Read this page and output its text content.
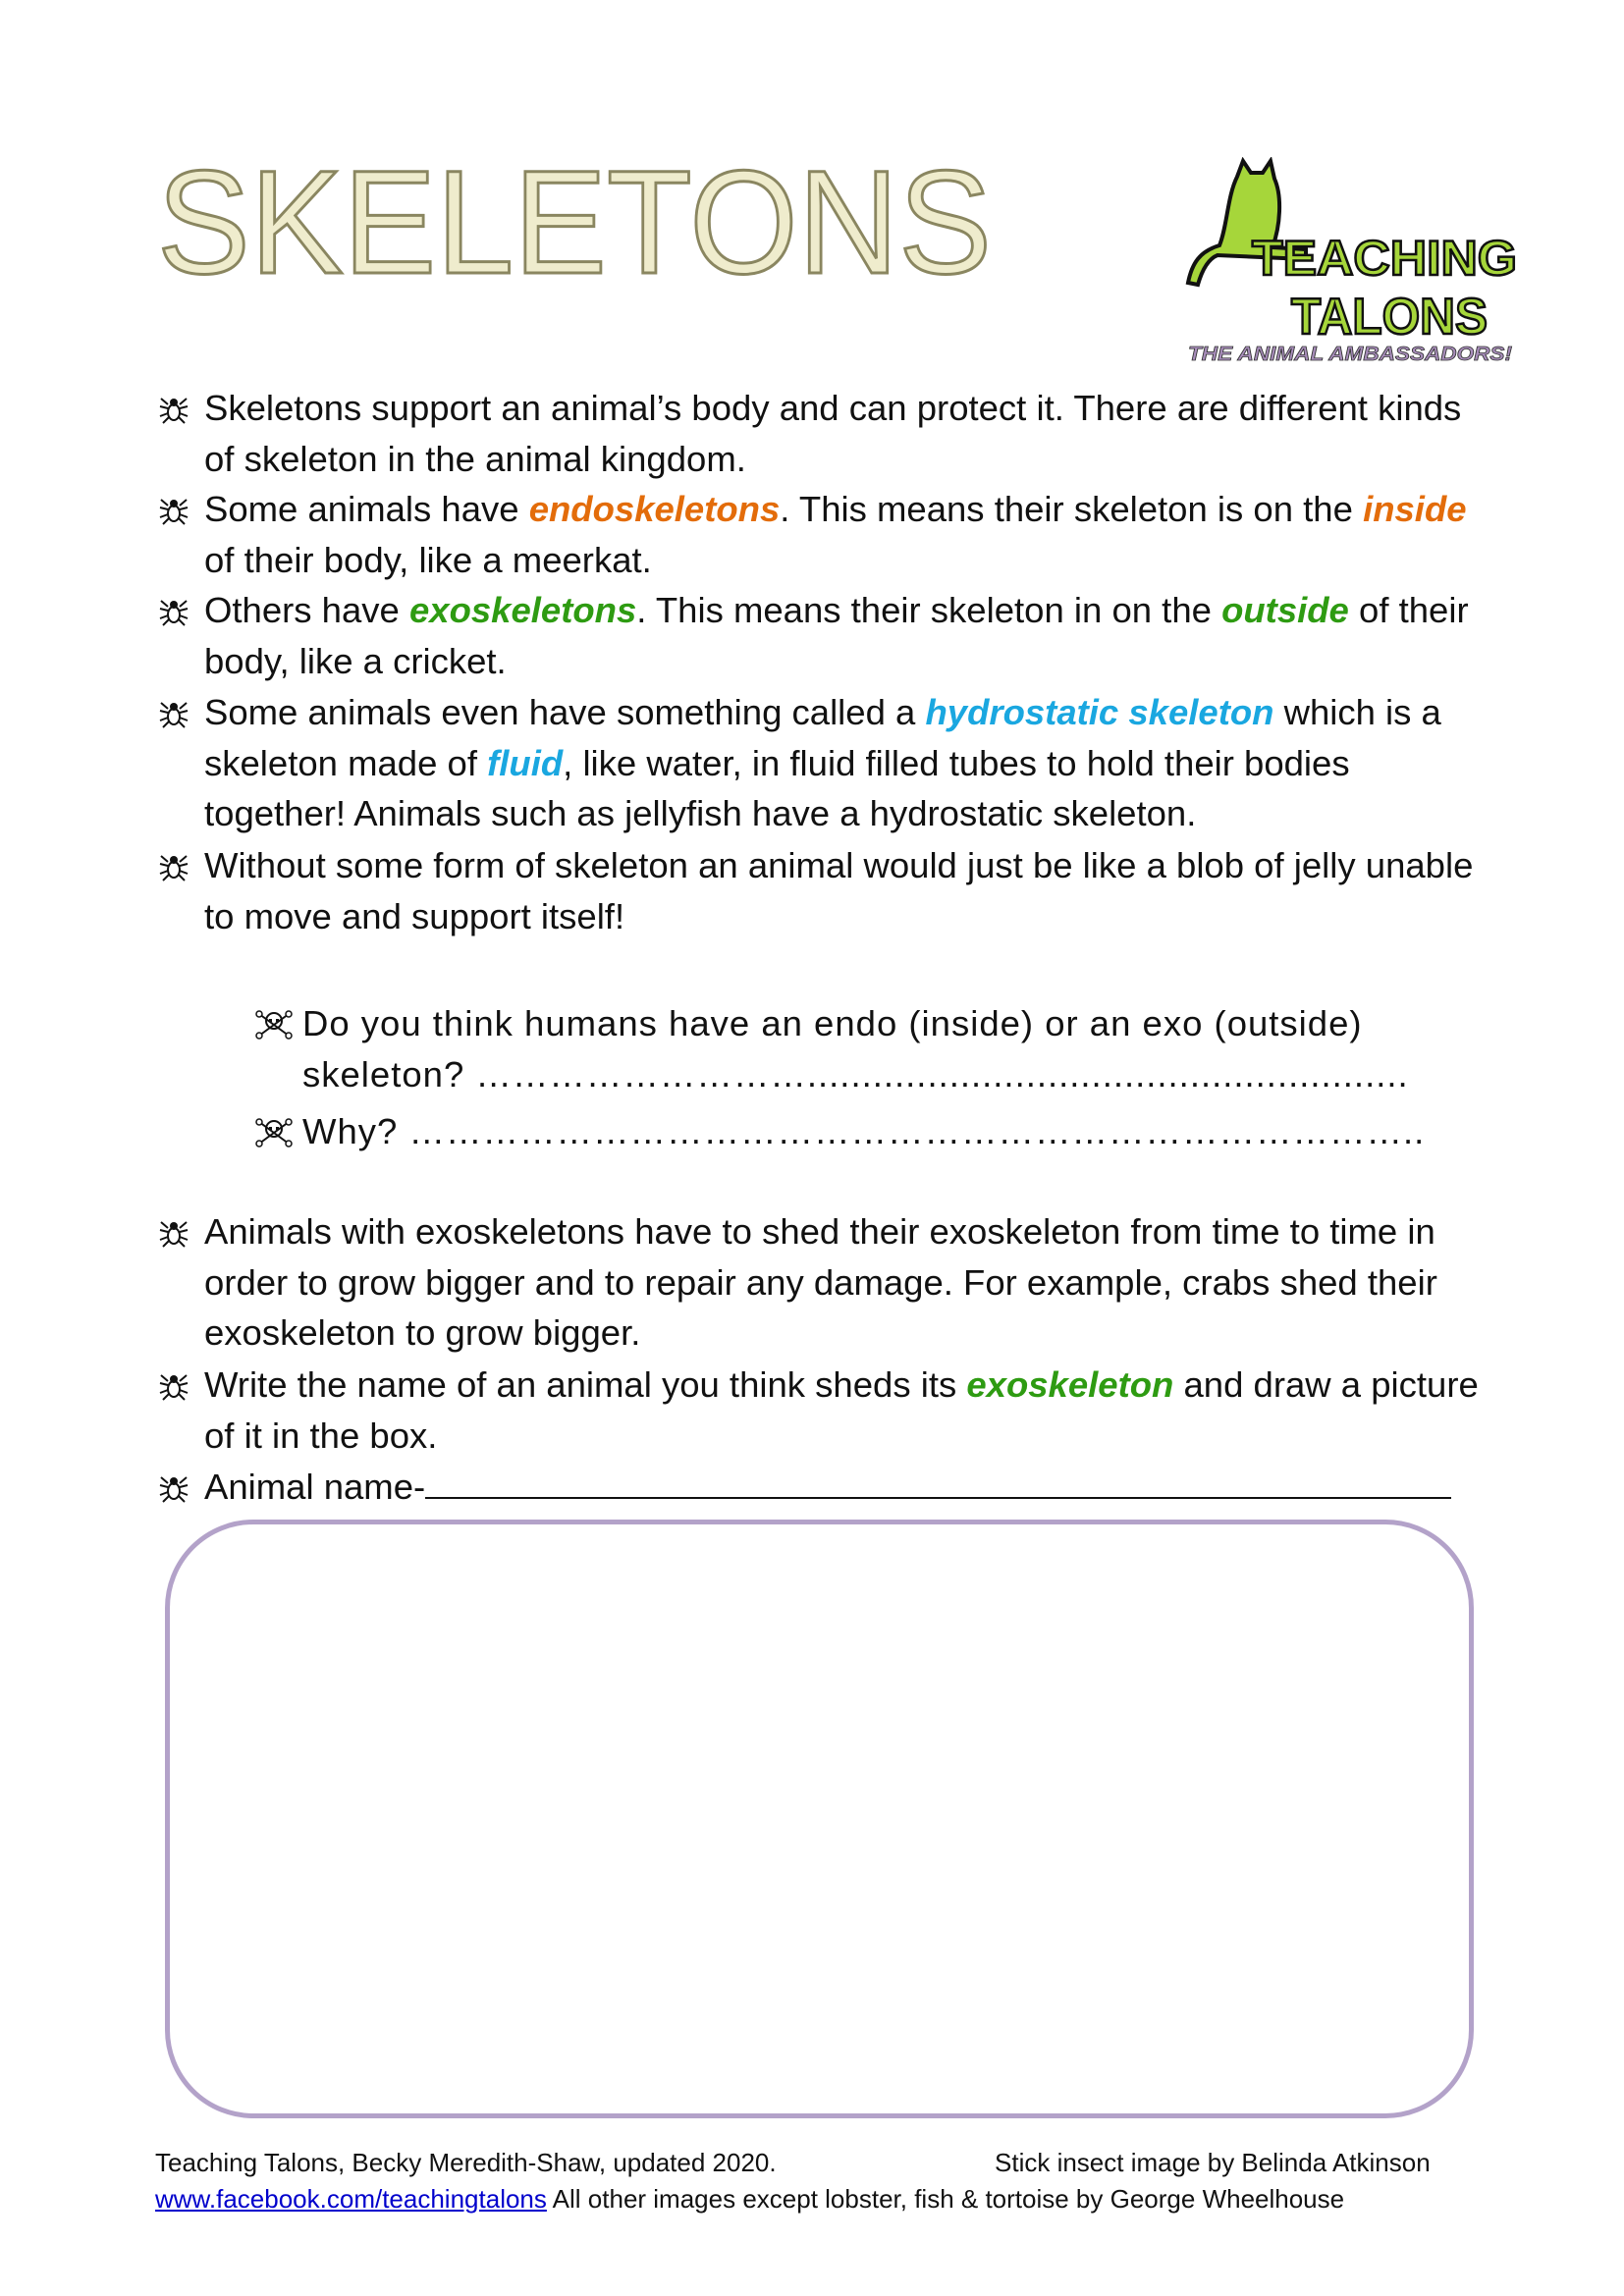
SKELETONS	TEACHING
TALONS
THE ANIMAL AMBASSADORS!
Skeletons support an animal’s body and can protect it. There are different kinds of skeleton in the animal kingdom.
Some animals have endoskeletons. This means their skeleton is on the inside of their body, like a meerkat.
Others have exoskeletons. This means their skeleton in on the outside of their body, like a cricket.
Some animals even have something called a hydrostatic skeleton which is a skeleton made of fluid, like water, in fluid filled tubes to hold their bodies together! Animals such as jellyfish have a hydrostatic skeleton.
Without some form of skeleton an animal would just be like a blob of jelly unable to move and support itself!
Do you think humans have an endo (inside) or an exo (outside) skeleton? ……………………….......................................................
Why? ………………………………………………………………………..
Animals with exoskeletons have to shed their exoskeleton from time to time in order to grow bigger and to repair any damage. For example, crabs shed their exoskeleton to grow bigger.
Write the name of an animal you think sheds its exoskeleton and draw a picture of it in the box.
Animal name-
Teaching Talons, Becky Meredith-Shaw, updated 2020.	Stick insect image by Belinda Atkinson
www.facebook.com/teachingtalons All other images except lobster, fish & tortoise by George Wheelhouse
